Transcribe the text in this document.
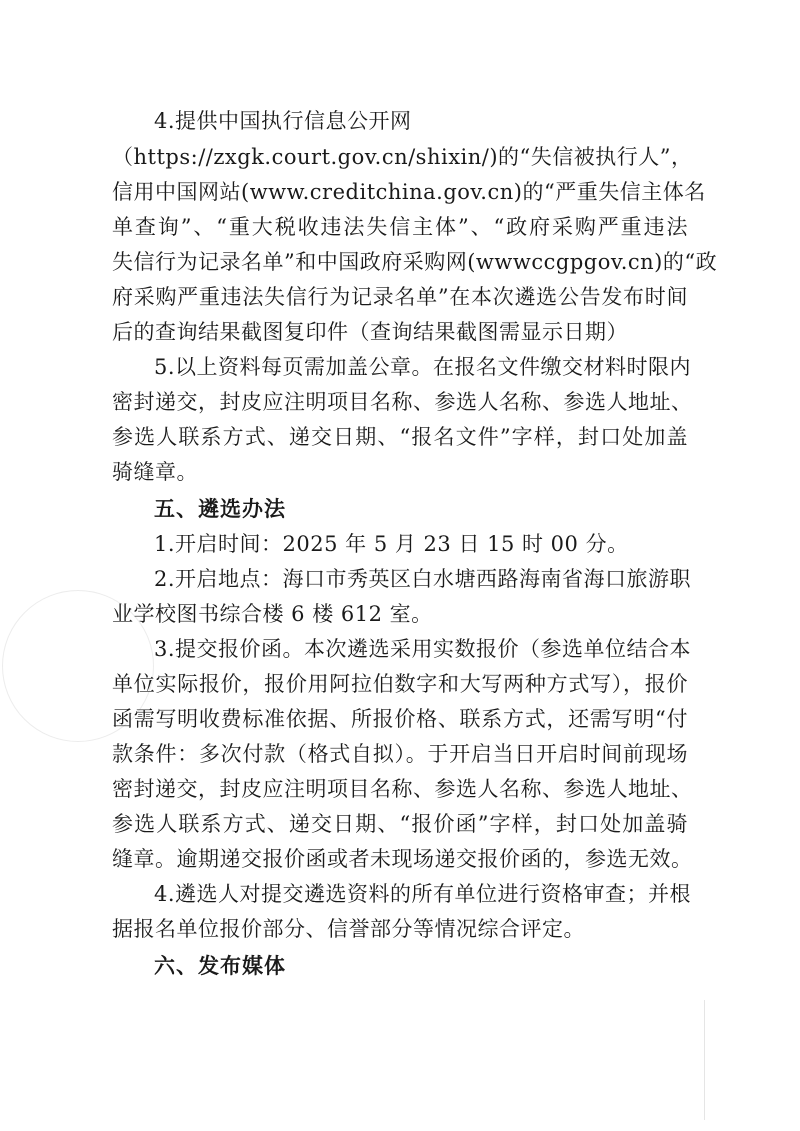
4.提供中国执行信息公开网

（https://zxgk.court.gov.cn/shixin/)的“失信被执行人”，
信用中国网站(www.creditchina.gov.cn)的“严重失信主体名
单查询”、“重大税收违法失信主体”、“政府采购严重违法
失信行为记录名单”和中国政府采购网(wwwccgpgov.cn)的“政
府采购严重违法失信行为记录名单”在本次遴选公告发布时间
后的查询结果截图复印件（查询结果截图需显示日期）

5.以上资料每页需加盖公章。在报名文件缴交材料时限内
密封递交，封皮应注明项目名称、参选人名称、参选人地址、
参选人联系方式、递交日期、“报名文件”字样，封口处加盖
骑缝章。

五、遴选办法

1.开启时间：2025 年 5 月 23 日 15 时 00 分。

2.开启地点：海口市秀英区白水塘西路海南省海口旅游职
业学校图书综合楼 6 楼 612 室。

3.提交报价函。本次遴选采用实数报价（参选单位结合本
单位实际报价，报价用阿拉伯数字和大写两种方式写），报价
函需写明收费标准依据、所报价格、联系方式，还需写明“付
款条件：多次付款（格式自拟）。于开启当日开启时间前现场
密封递交，封皮应注明项目名称、参选人名称、参选人地址、
参选人联系方式、递交日期、“报价函”字样，封口处加盖骑
缝章。逾期递交报价函或者未现场递交报价函的，参选无效。

4.遴选人对提交遴选资料的所有单位进行资格审查；并根
据报名单位报价部分、信誉部分等情况综合评定。

六、发布媒体
